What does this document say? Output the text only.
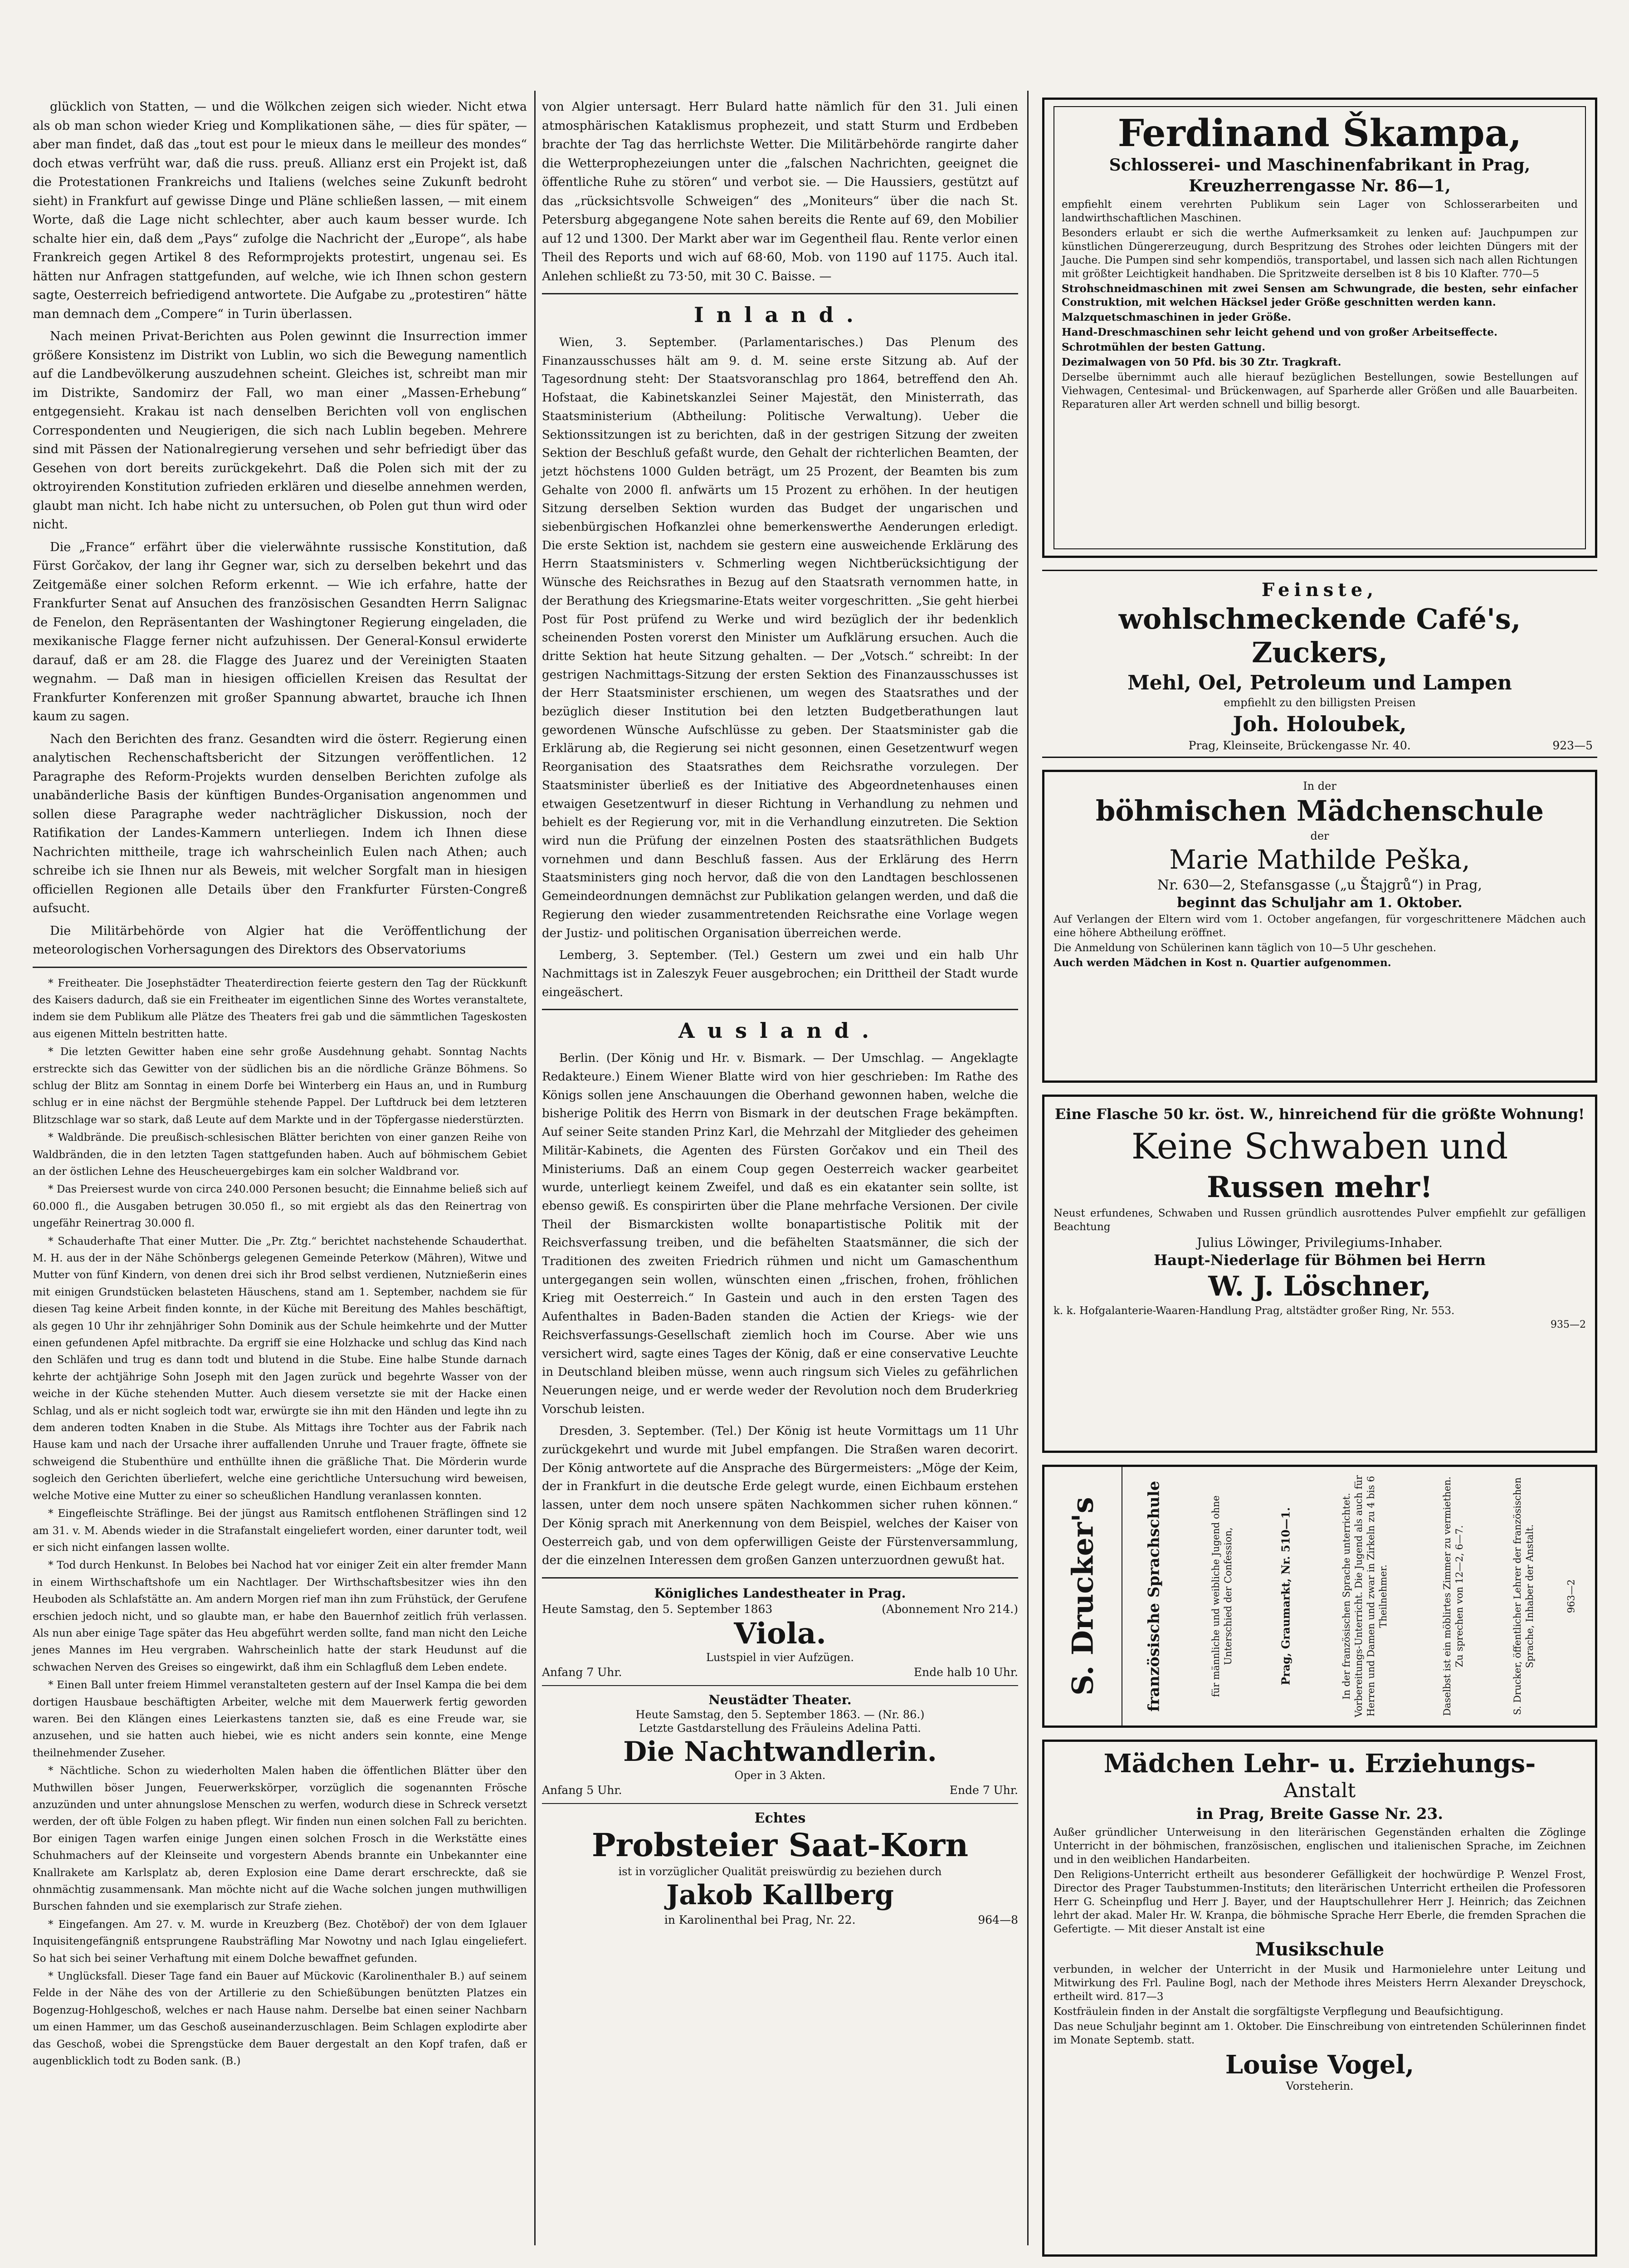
glücklich von Statten, — und die Wölkchen zeigen sich wieder. Nicht etwa als ob man schon wieder Krieg und Komplikationen sähe, — dies für später, — aber man findet, daß das „tout est pour le mieux dans le meilleur des mondes“ doch etwas verfrüht war, daß die russ. preuß. Allianz erst ein Projekt ist, daß die Protestationen Frankreichs und Italiens (welches seine Zukunft bedroht sieht) in Frankfurt auf gewisse Dinge und Pläne schließen lassen, — mit einem Worte, daß die Lage nicht schlechter, aber auch kaum besser wurde. Ich schalte hier ein, daß dem „Pays“ zufolge die Nachricht der „Europe“, als habe Frankreich gegen Artikel 8 des Reformprojekts protestirt, ungenau sei. Es hätten nur Anfragen stattgefunden, auf welche, wie ich Ihnen schon gestern sagte, Oesterreich befriedigend antwortete. Die Aufgabe zu „protestiren“ hätte man demnach dem „Compere“ in Turin überlassen.

Nach meinen Privat-Berichten aus Polen gewinnt die Insurrection immer größere Konsistenz im Distrikt von Lublin, wo sich die Bewegung namentlich auf die Landbevölkerung auszudehnen scheint. Gleiches ist, schreibt man mir im Distrikte, Sandomirz der Fall, wo man einer „Massen-Erhebung“ entgegensieht. Krakau ist nach denselben Berichten voll von englischen Correspondenten und Neugierigen, die sich nach Lublin begeben. Mehrere sind mit Pässen der Nationalregierung versehen und sehr befriedigt über das Gesehen von dort bereits zurückgekehrt. Daß die Polen sich mit der zu oktroyirenden Konstitution zufrieden erklären und dieselbe annehmen werden, glaubt man nicht. Ich habe nicht zu untersuchen, ob Polen gut thun wird oder nicht.

Die „France“ erfährt über die vielerwähnte russische Konstitution, daß Fürst Gorčakov, der lang ihr Gegner war, sich zu derselben bekehrt und das Zeitgemäße einer solchen Reform erkennt. — Wie ich erfahre, hatte der Frankfurter Senat auf Ansuchen des französischen Gesandten Herrn Salignac de Fenelon, den Repräsentanten der Washingtoner Regierung eingeladen, die mexikanische Flagge ferner nicht aufzuhissen. Der General-Konsul erwiderte darauf, daß er am 28. die Flagge des Juarez und der Vereinigten Staaten wegnahm. — Daß man in hiesigen officiellen Kreisen das Resultat der Frankfurter Konferenzen mit großer Spannung abwartet, brauche ich Ihnen kaum zu sagen.

Nach den Berichten des franz. Gesandten wird die österr. Regierung einen analytischen Rechenschaftsbericht der Sitzungen veröffentlichen. 12 Paragraphe des Reform-Projekts wurden denselben Berichten zufolge als unabänderliche Basis der künftigen Bundes-Organisation angenommen und sollen diese Paragraphe weder nachträglicher Diskussion, noch der Ratifikation der Landes-Kammern unterliegen. Indem ich Ihnen diese Nachrichten mittheile, trage ich wahrscheinlich Eulen nach Athen; auch schreibe ich sie Ihnen nur als Beweis, mit welcher Sorgfalt man in hiesigen officiellen Regionen alle Details über den Frankfurter Fürsten-Congreß aufsucht.

Die Militärbehörde von Algier hat die Veröffentlichung der meteorologischen Vorhersagungen des Direktors des Observatoriums

* Freitheater. Die Josephstädter Theaterdirection feierte gestern den Tag der Rückkunft des Kaisers dadurch, daß sie ein Freitheater im eigentlichen Sinne des Wortes veranstaltete, indem sie dem Publikum alle Plätze des Theaters frei gab und die sämmtlichen Tageskosten aus eigenen Mitteln bestritten hatte.

* Die letzten Gewitter haben eine sehr große Ausdehnung gehabt. Sonntag Nachts erstreckte sich das Gewitter von der südlichen bis an die nördliche Gränze Böhmens. So schlug der Blitz am Sonntag in einem Dorfe bei Winterberg ein Haus an, und in Rumburg schlug er in eine nächst der Bergmühle stehende Pappel. Der Luftdruck bei dem letzteren Blitzschlage war so stark, daß Leute auf dem Markte und in der Töpfergasse niederstürzten.

* Waldbrände. Die preußisch-schlesischen Blätter berichten von einer ganzen Reihe von Waldbränden, die in den letzten Tagen stattgefunden haben. Auch auf böhmischem Gebiet an der östlichen Lehne des Heuscheuergebirges kam ein solcher Waldbrand vor.

* Das Preiersest wurde von circa 240.000 Personen besucht; die Einnahme beließ sich auf 60.000 fl., die Ausgaben betrugen 30.050 fl., so mit ergiebt als das den Reinertrag von ungefähr Reinertrag 30.000 fl.

* Schauderhafte That einer Mutter. Die „Pr. Ztg.“ berichtet nachstehende Schauderthat. M. H. aus der in der Nähe Schönbergs gelegenen Gemeinde Peterkow (Mähren), Witwe und Mutter von fünf Kindern, von denen drei sich ihr Brod selbst verdienen, Nutznießerin eines mit einigen Grundstücken belasteten Häuschens, stand am 1. September, nachdem sie für diesen Tag keine Arbeit finden konnte, in der Küche mit Bereitung des Mahles beschäftigt, als gegen 10 Uhr ihr zehnjähriger Sohn Dominik aus der Schule heimkehrte und der Mutter einen gefundenen Apfel mitbrachte. Da ergriff sie eine Holzhacke und schlug das Kind nach den Schläfen und trug es dann todt und blutend in die Stube. Eine halbe Stunde darnach kehrte der achtjährige Sohn Joseph mit den Jagen zurück und begehrte Wasser von der weiche in der Küche stehenden Mutter. Auch diesem versetzte sie mit der Hacke einen Schlag, und als er nicht sogleich todt war, erwürgte sie ihn mit den Händen und legte ihn zu dem anderen todten Knaben in die Stube. Als Mittags ihre Tochter aus der Fabrik nach Hause kam und nach der Ursache ihrer auffallenden Unruhe und Trauer fragte, öffnete sie schweigend die Stubenthüre und enthüllte ihnen die gräßliche That. Die Mörderin wurde sogleich den Gerichten überliefert, welche eine gerichtliche Untersuchung wird beweisen, welche Motive eine Mutter zu einer so scheußlichen Handlung veranlassen konnten.

* Eingefleischte Sträflinge. Bei der jüngst aus Ramitsch entflohenen Sträflingen sind 12 am 31. v. M. Abends wieder in die Strafanstalt eingeliefert worden, einer darunter todt, weil er sich nicht einfangen lassen wollte.

* Tod durch Henkunst. In Belobes bei Nachod hat vor einiger Zeit ein alter fremder Mann in einem Wirthschaftshofe um ein Nachtlager. Der Wirthschaftsbesitzer wies ihn den Heuboden als Schlafstätte an. Am andern Morgen rief man ihn zum Frühstück, der Gerufene erschien jedoch nicht, und so glaubte man, er habe den Bauernhof zeitlich früh verlassen. Als nun aber einige Tage später das Heu abgeführt werden sollte, fand man nicht den Leiche jenes Mannes im Heu vergraben. Wahrscheinlich hatte der stark Heudunst auf die schwachen Nerven des Greises so eingewirkt, daß ihm ein Schlagfluß dem Leben endete.

* Einen Ball unter freiem Himmel veranstalteten gestern auf der Insel Kampa die bei dem dortigen Hausbaue beschäftigten Arbeiter, welche mit dem Mauerwerk fertig geworden waren. Bei den Klängen eines Leierkastens tanzten sie, daß es eine Freude war, sie anzusehen, und sie hatten auch hiebei, wie es nicht anders sein konnte, eine Menge theilnehmender Zuseher.

* Nächtliche. Schon zu wiederholten Malen haben die öffentlichen Blätter über den Muthwillen böser Jungen, Feuerwerkskörper, vorzüglich die sogenannten Frösche anzuzünden und unter ahnungslose Menschen zu werfen, wodurch diese in Schreck versetzt werden, der oft üble Folgen zu haben pflegt. Wir finden nun einen solchen Fall zu berichten. Bor einigen Tagen warfen einige Jungen einen solchen Frosch in die Werkstätte eines Schuhmachers auf der Kleinseite und vorgestern Abends brannte ein Unbekannter eine Knallrakete am Karlsplatz ab, deren Explosion eine Dame derart erschreckte, daß sie ohnmächtig zusammensank. Man möchte nicht auf die Wache solchen jungen muthwilligen Burschen fahnden und sie exemplarisch zur Strafe ziehen.

* Eingefangen. Am 27. v. M. wurde in Kreuzberg (Bez. Chotěboř) der von dem Iglauer Inquisitengefängniß entsprungene Raubsträfling Mar Nowotny und nach Iglau eingeliefert. So hat sich bei seiner Verhaftung mit einem Dolche bewaffnet gefunden.

* Unglücksfall. Dieser Tage fand ein Bauer auf Mückovic (Karolinenthaler B.) auf seinem Felde in der Nähe des von der Artillerie zu den Schießübungen benützten Platzes ein Bogenzug-Hohlgeschoß, welches er nach Hause nahm. Derselbe bat einen seiner Nachbarn um einen Hammer, um das Geschoß auseinanderzuschlagen. Beim Schlagen explodirte aber das Geschoß, wobei die Sprengstücke dem Bauer dergestalt an den Kopf trafen, daß er augenblicklich todt zu Boden sank. (B.)

von Algier untersagt. Herr Bulard hatte nämlich für den 31. Juli einen atmosphärischen Kataklismus prophezeit, und statt Sturm und Erdbeben brachte der Tag das herrlichste Wetter. Die Militärbehörde rangirte daher die Wetterprophezeiungen unter die „falschen Nachrichten, geeignet die öffentliche Ruhe zu stören“ und verbot sie. — Die Haussiers, gestützt auf das „rücksichtsvolle Schweigen“ des „Moniteurs“ über die nach St. Petersburg abgegangene Note sahen bereits die Rente auf 69, den Mobilier auf 12 und 1300. Der Markt aber war im Gegentheil flau. Rente verlor einen Theil des Reports und wich auf 68·60, Mob. von 1190 auf 1175. Auch ital. Anlehen schließt zu 73·50, mit 30 C. Baisse. —

Inland.

Wien, 3. September. (Parlamentarisches.) Das Plenum des Finanzausschusses hält am 9. d. M. seine erste Sitzung ab. Auf der Tagesordnung steht: Der Staatsvoranschlag pro 1864, betreffend den Ah. Hofstaat, die Kabinetskanzlei Seiner Majestät, den Ministerrath, das Staatsministerium (Abtheilung: Politische Verwaltung). Ueber die Sektionssitzungen ist zu berichten, daß in der gestrigen Sitzung der zweiten Sektion der Beschluß gefaßt wurde, den Gehalt der richterlichen Beamten, der jetzt höchstens 1000 Gulden beträgt, um 25 Prozent, der Beamten bis zum Gehalte von 2000 fl. anfwärts um 15 Prozent zu erhöhen. In der heutigen Sitzung derselben Sektion wurden das Budget der ungarischen und siebenbürgischen Hofkanzlei ohne bemerkenswerthe Aenderungen erledigt. Die erste Sektion ist, nachdem sie gestern eine ausweichende Erklärung des Herrn Staatsministers v. Schmerling wegen Nichtberücksichtigung der Wünsche des Reichsrathes in Bezug auf den Staatsrath vernommen hatte, in der Berathung des Kriegsmarine-Etats weiter vorgeschritten. „Sie geht hierbei Post für Post prüfend zu Werke und wird bezüglich der ihr bedenklich scheinenden Posten vorerst den Minister um Aufklärung ersuchen. Auch die dritte Sektion hat heute Sitzung gehalten. — Der „Votsch.“ schreibt: In der gestrigen Nachmittags-Sitzung der ersten Sektion des Finanzausschusses ist der Herr Staatsminister erschienen, um wegen des Staatsrathes und der bezüglich dieser Institution bei den letzten Budgetberathungen laut gewordenen Wünsche Aufschlüsse zu geben. Der Staatsminister gab die Erklärung ab, die Regierung sei nicht gesonnen, einen Gesetzentwurf wegen Reorganisation des Staatsrathes dem Reichsrathe vorzulegen. Der Staatsminister überließ es der Initiative des Abgeordnetenhauses einen etwaigen Gesetzentwurf in dieser Richtung in Verhandlung zu nehmen und behielt es der Regierung vor, mit in die Verhandlung einzutreten. Die Sektion wird nun die Prüfung der einzelnen Posten des staatsräthlichen Budgets vornehmen und dann Beschluß fassen. Aus der Erklärung des Herrn Staatsministers ging noch hervor, daß die von den Landtagen beschlossenen Gemeindeordnungen demnächst zur Publikation gelangen werden, und daß die Regierung den wieder zusammentretenden Reichsrathe eine Vorlage wegen der Justiz- und politischen Organisation überreichen werde.

Lemberg, 3. September. (Tel.) Gestern um zwei und ein halb Uhr Nachmittags ist in Zaleszyk Feuer ausgebrochen; ein Drittheil der Stadt wurde eingeäschert.

Ausland.

Berlin. (Der König und Hr. v. Bismark. — Der Umschlag. — Angeklagte Redakteure.) Einem Wiener Blatte wird von hier geschrieben: Im Rathe des Königs sollen jene Anschauungen die Oberhand gewonnen haben, welche die bisherige Politik des Herrn von Bismark in der deutschen Frage bekämpften. Auf seiner Seite standen Prinz Karl, die Mehrzahl der Mitglieder des geheimen Militär-Kabinets, die Agenten des Fürsten Gorčakov und ein Theil des Ministeriums. Daß an einem Coup gegen Oesterreich wacker gearbeitet wurde, unterliegt keinem Zweifel, und daß es ein ekatanter sein sollte, ist ebenso gewiß. Es conspirirten über die Plane mehrfache Versionen. Der civile Theil der Bismarckisten wollte bonapartistische Politik mit der Reichsverfassung treiben, und die befähelten Staatsmänner, die sich der Traditionen des zweiten Friedrich rühmen und nicht um Gamaschenthum untergegangen sein wollen, wünschten einen „frischen, frohen, fröhlichen Krieg mit Oesterreich.“ In Gastein und auch in den ersten Tagen des Aufenthaltes in Baden-Baden standen die Actien der Kriegs- wie der Reichsverfassungs-Gesellschaft ziemlich hoch im Course. Aber wie uns versichert wird, sagte eines Tages der König, daß er eine conservative Leuchte in Deutschland bleiben müsse, wenn auch ringsum sich Vieles zu gefährlichen Neuerungen neige, und er werde weder der Revolution noch dem Bruderkrieg Vorschub leisten.

Dresden, 3. September. (Tel.) Der König ist heute Vormittags um 11 Uhr zurückgekehrt und wurde mit Jubel empfangen. Die Straßen waren decorirt. Der König antwortete auf die Ansprache des Bürgermeisters: „Möge der Keim, der in Frankfurt in die deutsche Erde gelegt wurde, einen Eichbaum erstehen lassen, unter dem noch unsere späten Nachkommen sicher ruhen können.“ Der König sprach mit Anerkennung von dem Beispiel, welches der Kaiser von Oesterreich gab, und von dem opferwilligen Geiste der Fürstenversammlung, der die einzelnen Interessen dem großen Ganzen unterzuordnen gewußt hat.

Königliches Landestheater in Prag.
Heute Samstag, den 5. September 1863	(Abonnement Nro 214.)
Viola.
Lustspiel in vier Aufzügen.
Anfang 7 Uhr.	Ende halb 10 Uhr.
Neustädter Theater.
Heute Samstag, den 5. September 1863. — (Nr. 86.)
Letzte Gastdarstellung des Fräuleins Adelina Patti.
Die Nachtwandlerin.
Oper in 3 Akten.
Anfang 5 Uhr.	Ende 7 Uhr.
Echtes
Probsteier Saat-Korn
ist in vorzüglicher Qualität preiswürdig zu beziehen durch
Jakob Kallberg
in Karolinenthal bei Prag, Nr. 22.	964—8

Ferdinand Škampa,

Schlosserei- und Maschinenfabrikant in Prag, Kreuzherrengasse Nr. 86—1,

empfiehlt einem verehrten Publikum sein Lager von Schlosserarbeiten und landwirthschaftlichen Maschinen.

Besonders erlaubt er sich die werthe Aufmerksamkeit zu lenken auf: Jauchpumpen zur künstlichen Düngererzeugung, durch Bespritzung des Strohes oder leichten Düngers mit der Jauche. Die Pumpen sind sehr kompendiös, transportabel, und lassen sich nach allen Richtungen mit größter Leichtigkeit handhaben. Die Spritzweite derselben ist 8 bis 10 Klafter. 770—5

Strohschneidmaschinen mit zwei Sensen am Schwungrade, die besten, sehr einfacher Construktion, mit welchen Häcksel jeder Größe geschnitten werden kann.

Malzquetschmaschinen in jeder Größe.

Hand-Dreschmaschinen sehr leicht gehend und von großer Arbeitseffecte.

Schrotmühlen der besten Gattung.

Dezimalwagen von 50 Pfd. bis 30 Ztr. Tragkraft.

Derselbe übernimmt auch alle hierauf bezüglichen Bestellungen, sowie Bestellungen auf Viehwagen, Centesimal- und Brückenwagen, auf Sparherde aller Größen und alle Bauarbeiten. Reparaturen aller Art werden schnell und billig besorgt.

Feinste,

wohlschmeckende Café's, Zuckers,

Mehl, Oel, Petroleum und Lampen

empfiehlt zu den billigsten Preisen

Joh. Holoubek,

Prag, Kleinseite, Brückengasse Nr. 40.	923—5

In der

böhmischen Mädchenschule

der

Marie Mathilde Peška,

Nr. 630—2, Stefansgasse („u Štajgrů“) in Prag,

beginnt das Schuljahr am 1. Oktober.

Auf Verlangen der Eltern wird vom 1. October angefangen, für vorgeschrittenere Mädchen auch eine höhere Abtheilung eröffnet.

Die Anmeldung von Schülerinen kann täglich von 10—5 Uhr geschehen.

Auch werden Mädchen in Kost n. Quartier aufgenommen.

Eine Flasche 50 kr. öst. W., hinreichend für die größte Wohnung!

Keine Schwaben und

Russen mehr!

Neust erfundenes, Schwaben und Russen gründlich ausrottendes Pulver empfiehlt zur gefälligen Beachtung

Julius Löwinger, Privilegiums-Inhaber.

Haupt-Niederlage für Böhmen bei Herrn

W. J. Löschner,

k. k. Hofgalanterie-Waaren-Handlung Prag, altstädter großer Ring, Nr. 553.

935—2

S. Drucker's	französische Sprachschule	für männliche und weibliche Jugend ohne Unterschied der Confession,	Prag, Graumarkt, Nr. 510—1.	In der französischen Sprache unterrichtet. Vorbereitungs-Unterricht. Die Jugend als auch für Herren und Damen und zwar in Zirkeln zu 4 bis 6 Theilnehmer.	Daselbst ist ein möblirtes Zimmer zu vermiethen. Zu sprechen von 12—2, 6—7.	S. Drucker, öffentlicher Lehrer der französischen Sprache, Inhaber der Anstalt.	963—2

Mädchen Lehr- u. Erziehungs-

Anstalt

in Prag, Breite Gasse Nr. 23.

Außer gründlicher Unterweisung in den literärischen Gegenständen erhalten die Zöglinge Unterricht in der böhmischen, französischen, englischen und italienischen Sprache, im Zeichnen und in den weiblichen Handarbeiten.

Den Religions-Unterricht ertheilt aus besonderer Gefälligkeit der hochwürdige P. Wenzel Frost, Director des Prager Taubstummen-Instituts; den literärischen Unterricht ertheilen die Professoren Herr G. Scheinpflug und Herr J. Bayer, und der Hauptschullehrer Herr J. Heinrich; das Zeichnen lehrt der akad. Maler Hr. W. Kranpa, die böhmische Sprache Herr Eberle, die fremden Sprachen die Gefertigte. — Mit dieser Anstalt ist eine

Musikschule

verbunden, in welcher der Unterricht in der Musik und Harmonielehre unter Leitung und Mitwirkung des Frl. Pauline Bogl, nach der Methode ihres Meisters Herrn Alexander Dreyschock, ertheilt wird. 817—3

Kostfräulein finden in der Anstalt die sorgfältigste Verpflegung und Beaufsichtigung.

Das neue Schuljahr beginnt am 1. Oktober. Die Einschreibung von eintretenden Schülerinnen findet im Monate Septemb. statt.

Louise Vogel,

Vorsteherin.
